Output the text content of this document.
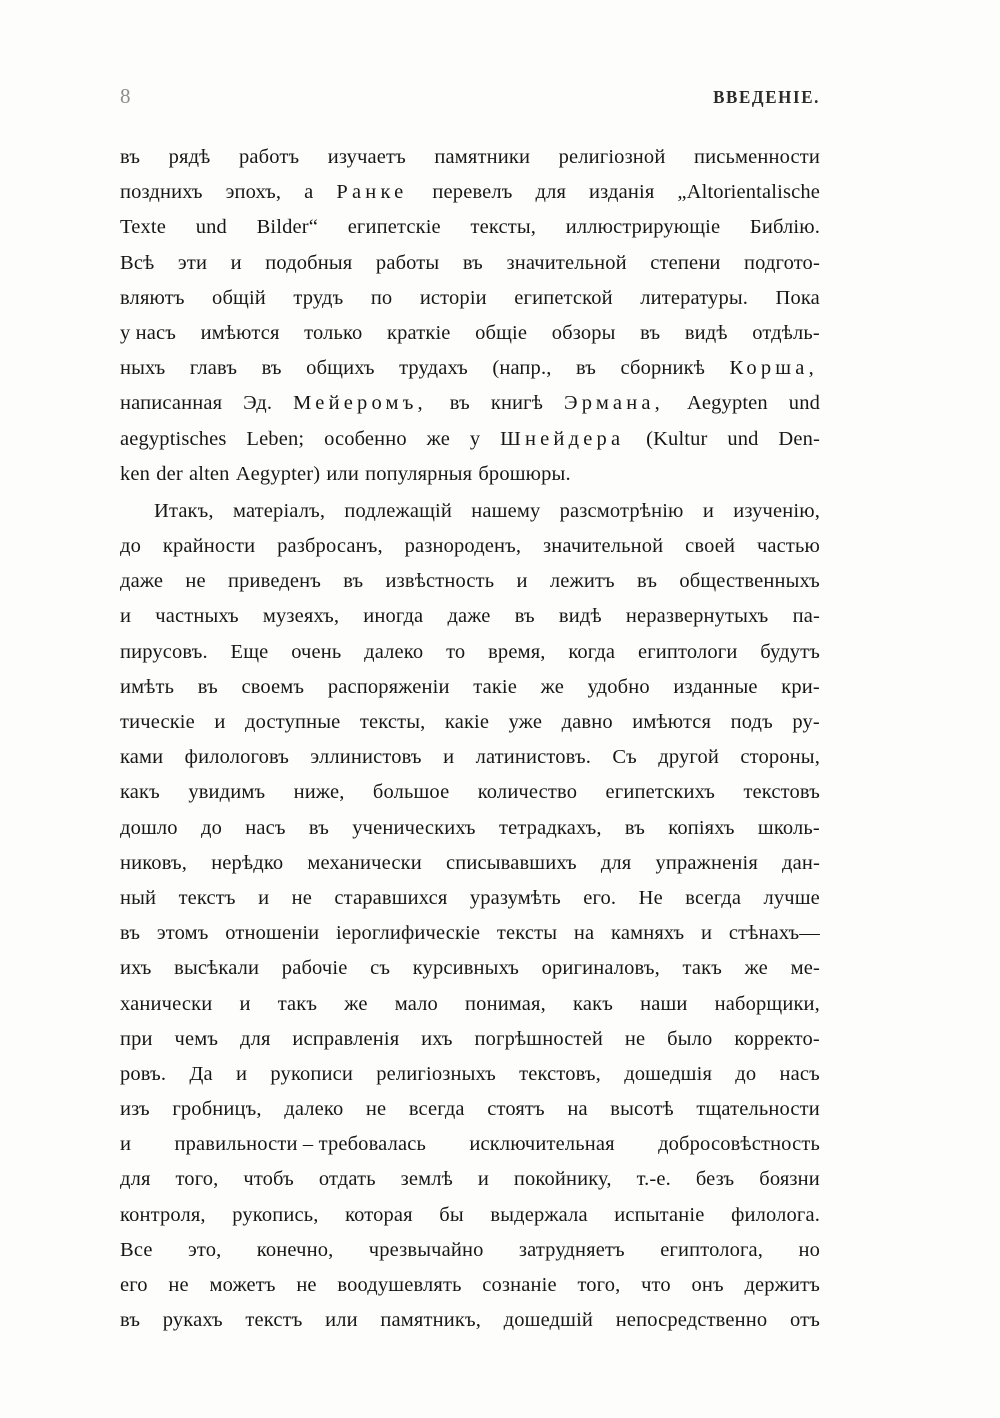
8	ВВЕДЕНІЕ.
въ рядѣ работъ изучаетъ памятники религіозной письменности
позднихъ эпохъ, а Ранке перевелъ для изданія „Altorientalische
Texte und Bilder“ египетскіе тексты, иллюстрирующіе Библію.
Всѣ эти и подобныя работы въ значительной степени подгото-
вляютъ общій трудъ по исторіи египетской литературы. Пока
у насъ имѣются только краткіе общіе обзоры въ видѣ отдѣль-
ныхъ главъ въ общихъ трудахъ (напр., въ сборникѣ Корша,
написанная Эд. Мейеромъ, въ книгѣ Эрмана, Aegypten und
aegyptisches Leben; особенно же у Шнейдера (Kultur und Den-
ken der alten Aegypter) или популярныя брошюры.
Итакъ, матеріалъ, подлежащій нашему разсмотрѣнію и изученію,
до крайности разбросанъ, разнороденъ, значительной своей частью
даже не приведенъ въ извѣстность и лежитъ въ общественныхъ
и частныхъ музеяхъ, иногда даже въ видѣ неразвернутыхъ па-
пирусовъ. Еще очень далеко то время, когда египтологи будутъ
имѣть въ своемъ распоряженіи такіе же удобно изданные кри-
тическіе и доступные тексты, какіе уже давно имѣются подъ ру-
ками филологовъ эллинистовъ и латинистовъ. Съ другой стороны,
какъ увидимъ ниже, большое количество египетскихъ текстовъ
дошло до насъ въ ученическихъ тетрадкахъ, въ копіяхъ школь-
никовъ, нерѣдко механически списывавшихъ для упражненія дан-
ный текстъ и не старавшихся уразумѣть его. Не всегда лучше
въ этомъ отношеніи іероглифическіе тексты на камняхъ и стѣнахъ—
ихъ высѣкали рабочіе съ курсивныхъ оригиналовъ, такъ же ме-
ханически и такъ же мало понимая, какъ наши наборщики,
при чемъ для исправленія ихъ погрѣшностей не было корректо-
ровъ. Да и рукописи религіозныхъ текстовъ, дошедшія до насъ
изъ гробницъ, далеко не всегда стоятъ на высотѣ тщательности
и правильности – требовалась исключительная добросовѣстность
для того, чтобъ отдать землѣ и покойнику, т.-е. безъ боязни
контроля, рукопись, которая бы выдержала испытаніе филолога.
Все это, конечно, чрезвычайно затрудняетъ египтолога, но
его не можетъ не воодушевлять сознаніе того, что онъ держитъ
въ рукахъ текстъ или памятникъ, дошедшій непосредственно отъ
